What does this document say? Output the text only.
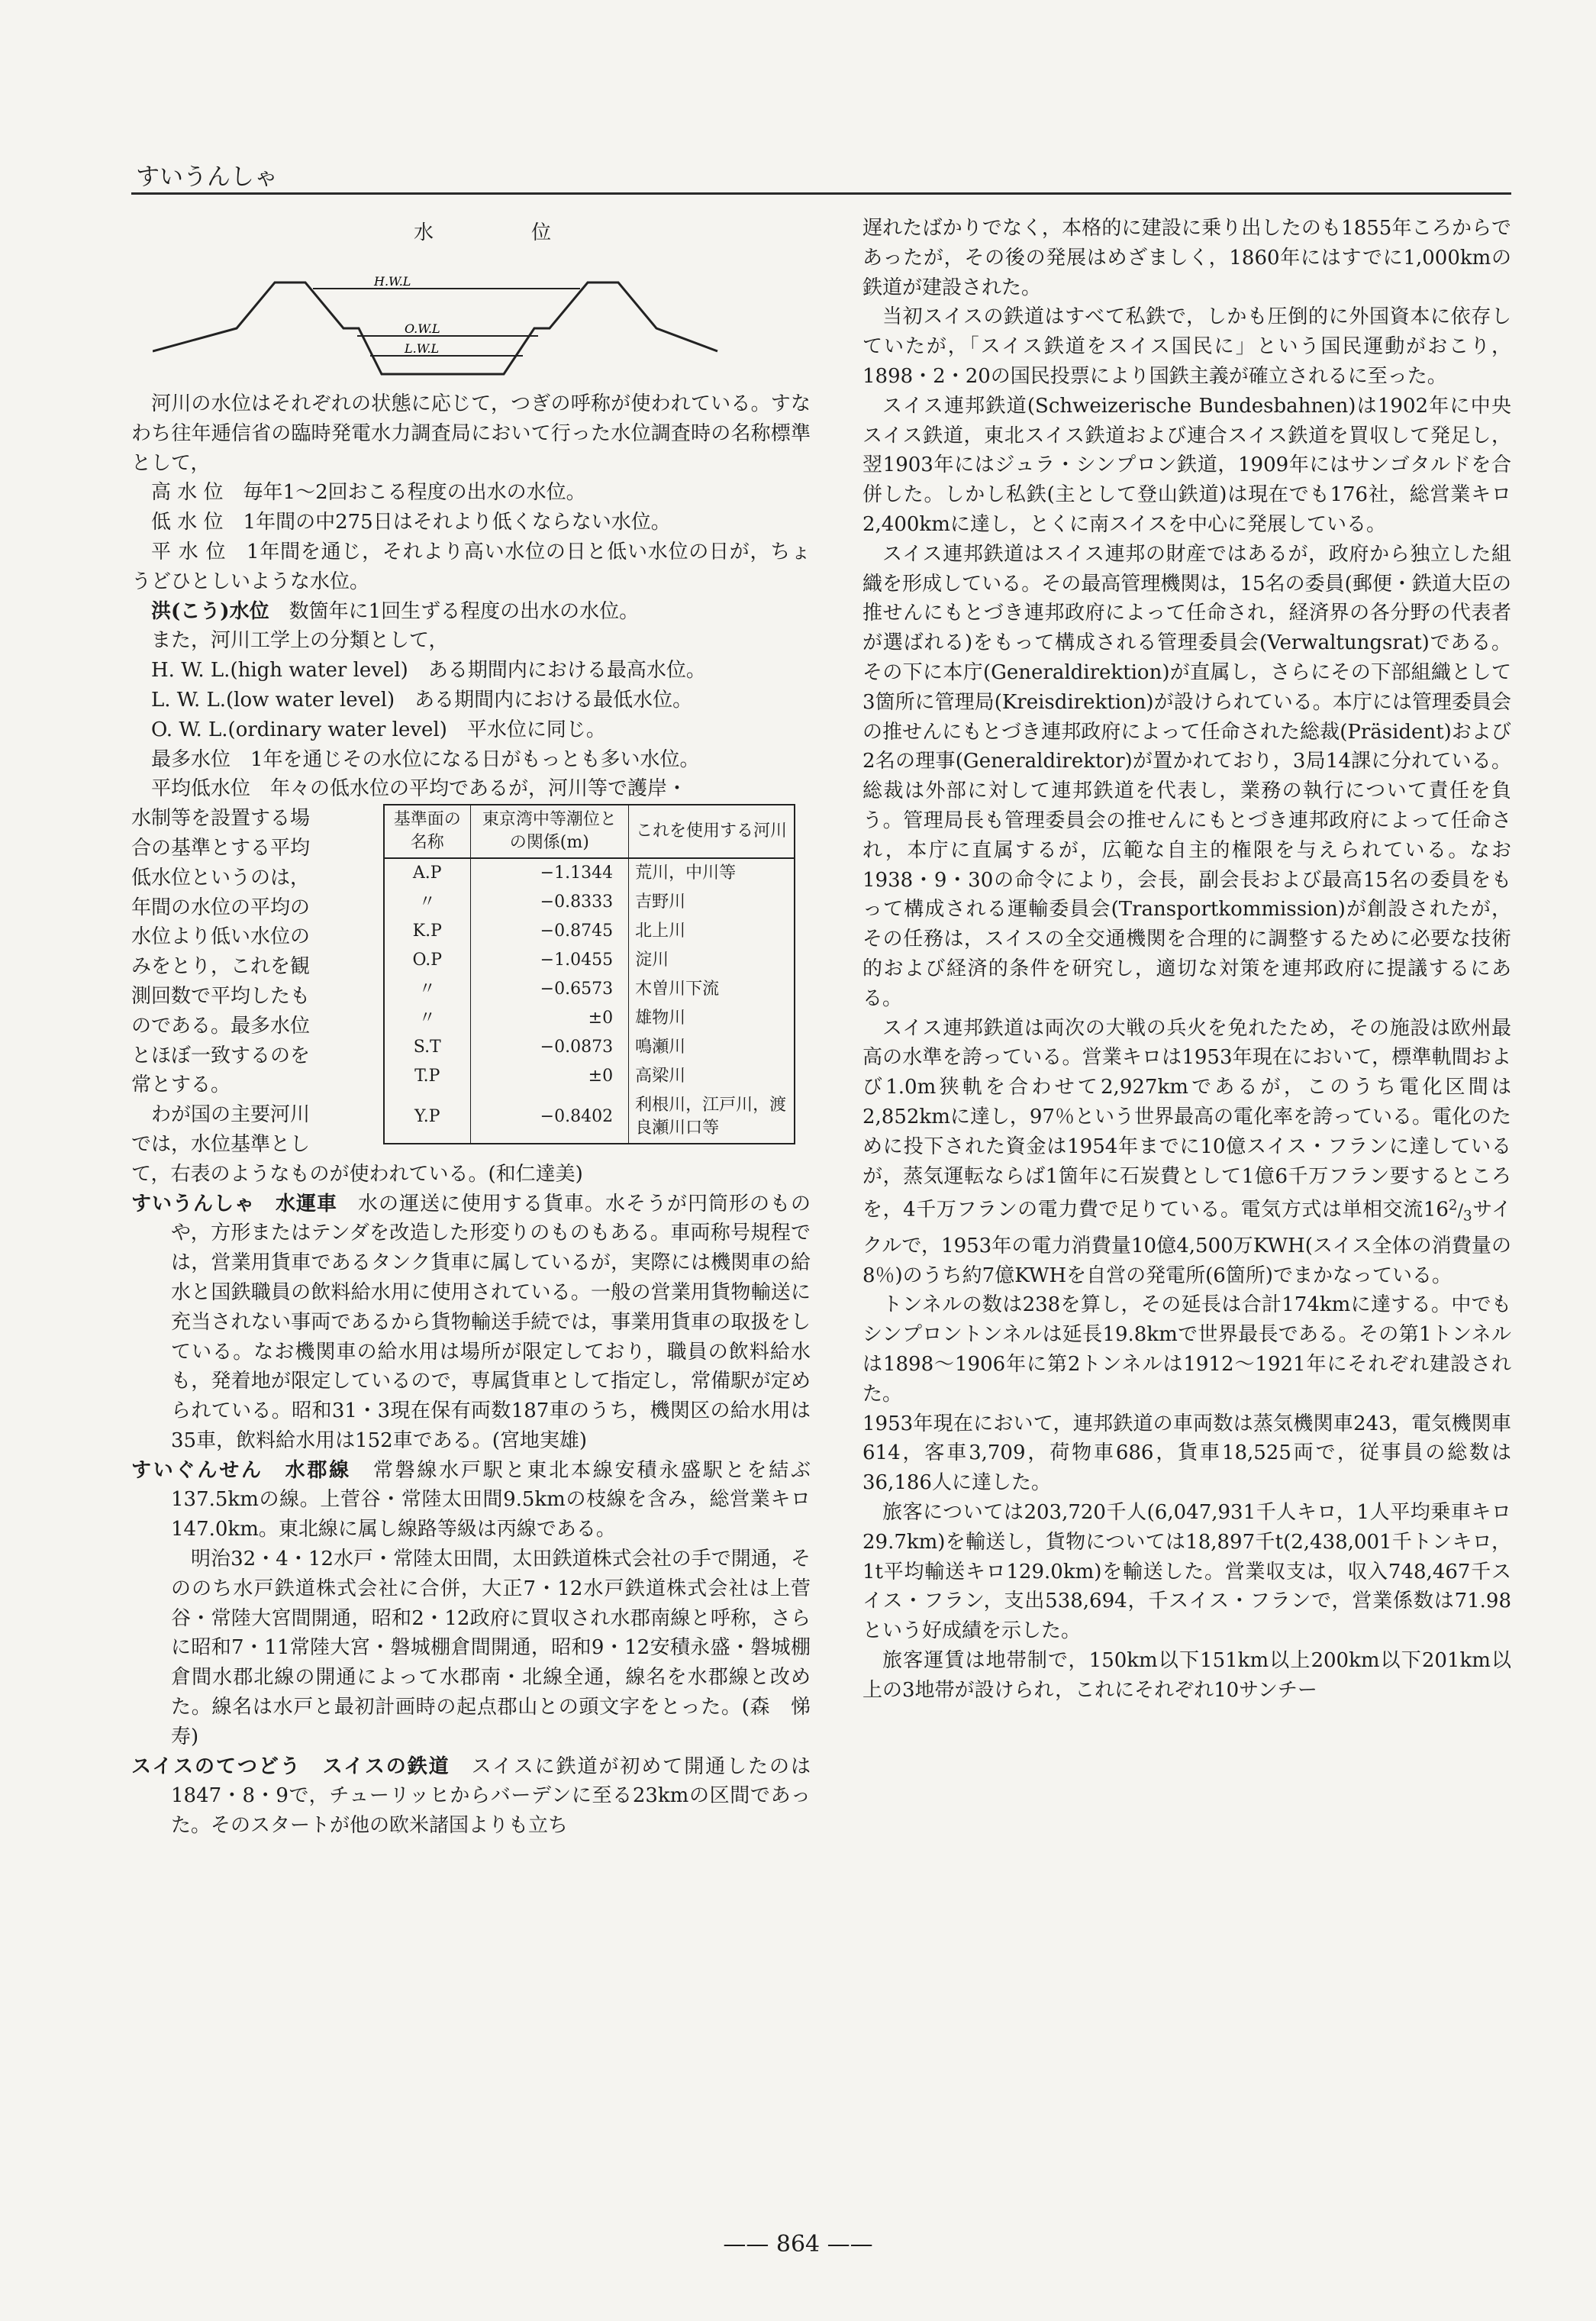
すいうんしゃ
水	位
H.W.L
O.W.L
L.W.L

河川の水位はそれぞれの状態に応じて，つぎの呼称が使われている。すなわち往年逓信省の臨時発電水力調査局において行った水位調査時の名称標準として，

高 水 位　毎年1～2回おこる程度の出水の水位。

低 水 位　1年間の中275日はそれより低くならない水位。

平 水 位　1年間を通じ，それより高い水位の日と低い水位の日が，ちょうどひとしいような水位。

洪(こう)水位　 数箇年に1回生ずる程度の出水の水位。

また，河川工学上の分類として，

H. W. L.(high water level)　ある期間内における最高水位。

L. W. L.(low water level)　ある期間内における最低水位。

O. W. L.(ordinary water level)　平水位に同じ。

最多水位　1年を通じその水位になる日がもっとも多い水位。

平均低水位　年々の低水位の平均であるが，河川等で護岸・

水制等を設置する場
合の基準とする平均
低水位というのは，
年間の水位の平均の
水位より低い水位の
みをとり，これを観
測回数で平均したも
のである。最多水位
とほぼ一致するのを
常とする。
　わが国の主要河川
では，水位基準とし
基準面の名称	東京湾中等潮位との関係(m)	これを使用する河川
A.P	−1.1344	荒川，中川等
〃	−0.8333	吉野川
K.P	−0.8745	北上川
O.P	−1.0455	淀川
〃	−0.6573	木曽川下流
〃	±0	雄物川
S.T	−0.0873	鳴瀬川
T.P	±0	高梁川
Y.P	−0.8402	利根川，江戸川，渡良瀬川口等

て，右表のようなものが使われている。(和仁達美)

すいうんしゃ　水運車　 水の運送に使用する貨車。水そうが円筒形のものや，方形またはテンダを改造した形変りのものもある。車両称号規程では，営業用貨車であるタンク貨車に属しているが，実際には機関車の給水と国鉄職員の飲料給水用に使用されている。一般の営業用貨物輸送に充当されない事両であるから貨物輸送手続では，事業用貨車の取扱をしている。なお機関車の給水用は場所が限定しており，職員の飲料給水も，発着地が限定しているので，専属貨車として指定し，常備駅が定められている。昭和31・3現在保有両数187車のうち，機関区の給水用は35車，飲料給水用は152車である。(宮地実雄)

すいぐんせん　水郡線　 常磐線水戸駅と東北本線安積永盛駅とを結ぶ137.5kmの線。上菅谷・常陸太田間9.5kmの枝線を含み，総営業キロ147.0km。東北線に属し線路等級は丙線である。

明治32・4・12水戸・常陸太田間，太田鉄道株式会社の手で開通，そののち水戸鉄道株式会社に合併，大正7・12水戸鉄道株式会社は上菅谷・常陸大宮間開通，昭和2・12政府に買収され水郡南線と呼称，さらに昭和7・11常陸大宮・磐城棚倉間開通，昭和9・12安積永盛・磐城棚倉間水郡北線の開通によって水郡南・北線全通，線名を水郡線と改めた。線名は水戸と最初計画時の起点郡山との頭文字をとった。(森　悌寿)

スイスのてつどう　スイスの鉄道　 スイスに鉄道が初めて開通したのは1847・8・9で，チューリッヒからバーデンに至る23kmの区間であった。そのスタートが他の欧米諸国よりも立ち

遅れたばかりでなく，本格的に建設に乗り出したのも1855年ころからであったが，その後の発展はめざましく，1860年にはすでに1,000kmの鉄道が建設された。

当初スイスの鉄道はすべて私鉄で，しかも圧倒的に外国資本に依存していたが，「スイス鉄道をスイス国民に」という国民運動がおこり，1898・2・20の国民投票により国鉄主義が確立されるに至った。

スイス連邦鉄道(Schweizerische Bundesbahnen)は1902年に中央スイス鉄道，東北スイス鉄道および連合スイス鉄道を買収して発足し，翌1903年にはジュラ・シンプロン鉄道，1909年にはサンゴタルドを合併した。しかし私鉄(主として登山鉄道)は現在でも176社，総営業キロ2,400kmに達し，とくに南スイスを中心に発展している。

スイス連邦鉄道はスイス連邦の財産ではあるが，政府から独立した組織を形成している。その最高管理機関は，15名の委員(郵便・鉄道大臣の推せんにもとづき連邦政府によって任命され，経済界の各分野の代表者が選ばれる)をもって構成される管理委員会(Verwaltungsrat)である。その下に本庁(Generaldirektion)が直属し，さらにその下部組織として3箇所に管理局(Kreisdirektion)が設けられている。本庁には管理委員会の推せんにもとづき連邦政府によって任命された総裁(Präsident)および2名の理事(Generaldirektor)が置かれており，3局14課に分れている。総裁は外部に対して連邦鉄道を代表し，業務の執行について責任を負う。管理局長も管理委員会の推せんにもとづき連邦政府によって任命され，本庁に直属するが，広範な自主的権限を与えられている。なお1938・9・30の命令により，会長，副会長および最高15名の委員をもって構成される運輸委員会(Transportkommission)が創設されたが，その任務は，スイスの全交通機関を合理的に調整するために必要な技術的および経済的条件を研究し，適切な対策を連邦政府に提議するにある。

スイス連邦鉄道は両次の大戦の兵火を免れたため，その施設は欧州最高の水準を誇っている。営業キロは1953年現在において，標準軌間および1.0m狭軌を合わせて2,927kmであるが，このうち電化区間は2,852kmに達し，97％という世界最高の電化率を誇っている。電化のために投下された資金は1954年までに10億スイス・フランに達しているが，蒸気運転ならば1箇年に石炭費として1億6千万フラン要するところを，4千万フランの電力費で足りている。電気方式は単相交流$16^2/_3$サイクルで，1953年の電力消費量10億4,500万KWH(スイス全体の消費量の8％)のうち約7億KWHを自営の発電所(6箇所)でまかなっている。

トンネルの数は238を算し，その延長は合計174kmに達する。中でもシンプロントンネルは延長19.8kmで世界最長である。その第1トンネルは1898～1906年に第2トンネルは1912～1921年にそれぞれ建設された。

1953年現在において，連邦鉄道の車両数は蒸気機関車243，電気機関車614，客車3,709，荷物車686，貨車18,525両で，従事員の総数は36,186人に達した。

旅客については203,720千人(6,047,931千人キロ，1人平均乗車キロ29.7km)を輸送し，貨物については18,897千t(2,438,001千トンキロ，1t平均輸送キロ129.0km)を輸送した。営業収支は，収入748,467千スイス・フラン，支出538,694，千スイス・フランで，営業係数は71.98という好成績を示した。

旅客運賃は地帯制で，150km以下151km以上200km以下201km以上の3地帯が設けられ，これにそれぞれ10サンチー

—— 864 ——
